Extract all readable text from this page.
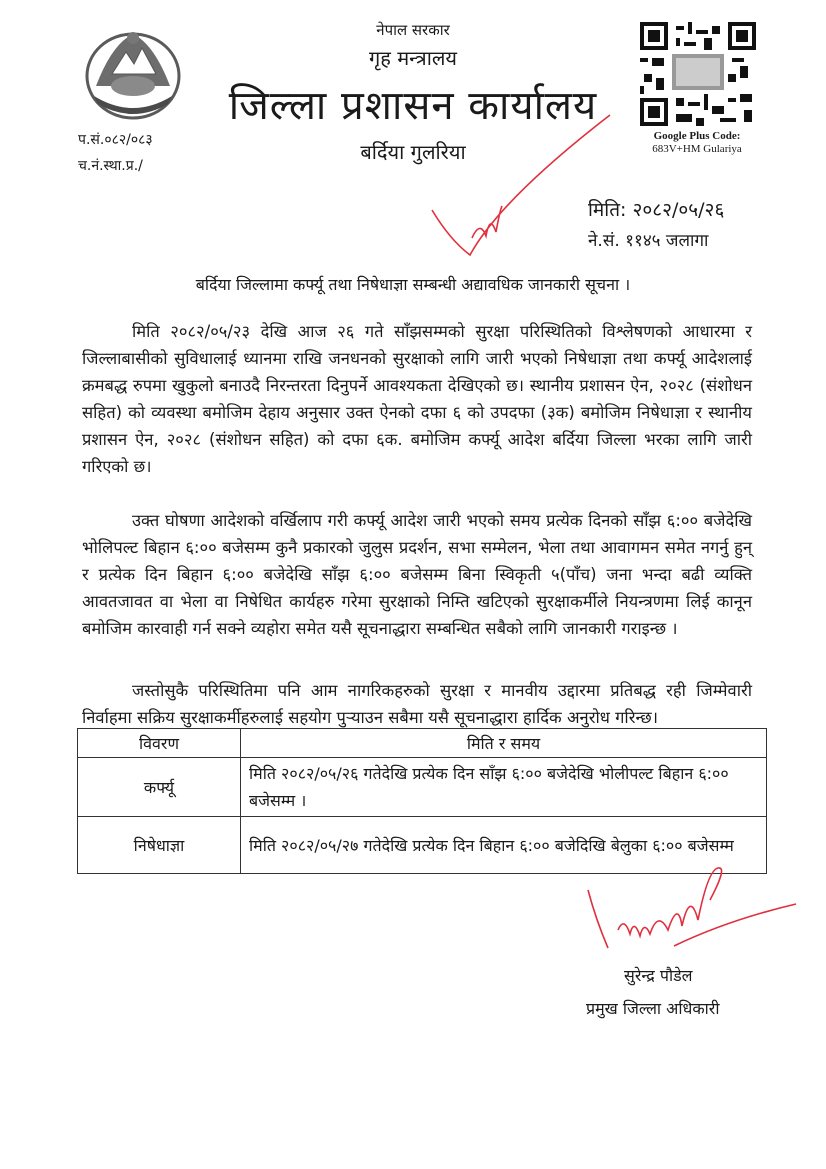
नेपाल सरकार
गृह मन्त्रालय
जिल्ला प्रशासन कार्यालय
बर्दिया गुलरिया
प.सं.०८२/०८३
च.नं.स्था.प्र./
Google Plus Code:
683V+HM Gulariya
मिति: २०८२/०५/२६
ने.सं. ११४५ जलागा
बर्दिया जिल्लामा कर्फ्यू तथा निषेधाज्ञा सम्बन्धी अद्यावधिक जानकारी सूचना ।

मिति २०८२/०५/२३ देखि आज २६ गते साँझसम्मको सुरक्षा परिस्थितिको विश्लेषणको आधारमा र जिल्लाबासीको सुविधालाई ध्यानमा राखि जनधनको सुरक्षाको लागि जारी भएको निषेधाज्ञा तथा कर्फ्यू आदेशलाई क्रमबद्ध रुपमा खुकुलो बनाउदै निरन्तरता दिनुपर्ने आवश्यकता देखिएको छ। स्थानीय प्रशासन ऐन, २०२८ (संशोधन सहित) को व्यवस्था बमोजिम देहाय अनुसार उक्त ऐनको दफा ६ को उपदफा (३क) बमोजिम निषेधाज्ञा र स्थानीय प्रशासन ऐन, २०२८ (संशोधन सहित) को दफा ६क. बमोजिम कर्फ्यू आदेश बर्दिया जिल्ला भरका लागि जारी गरिएको छ।

उक्त घोषणा आदेशको वर्खिलाप गरी कर्फ्यू आदेश जारी भएको समय प्रत्येक दिनको साँझ ६:०० बजेदेखि भोलिपल्ट बिहान ६:०० बजेसम्म कुनै प्रकारको जुलुस प्रदर्शन, सभा सम्मेलन, भेला तथा आवागमन समेत नगर्नु हुन् र प्रत्येक दिन बिहान ६:०० बजेदेखि साँझ ६:०० बजेसम्म बिना स्विकृती ५(पाँच) जना भन्दा बढी व्यक्ति आवतजावत वा भेला वा निषेधित कार्यहरु गरेमा सुरक्षाको निम्ति खटिएको सुरक्षाकर्मीले नियन्त्रणमा लिई कानून बमोजिम कारवाही गर्न सक्ने व्यहोरा समेत यसै सूचनाद्धारा सम्बन्धित सबैको लागि जानकारी गराइन्छ ।

जस्तोसुकै परिस्थितिमा पनि आम नागरिकहरुको सुरक्षा र मानवीय उद्दारमा प्रतिबद्ध रही जिम्मेवारी निर्वाहमा सक्रिय सुरक्षाकर्मीहरुलाई सहयोग पुऱ्याउन सबैमा यसै सूचनाद्धारा हार्दिक अनुरोध गरिन्छ।

विवरण	मिति र समय
कर्फ्यू	मिति २०८२/०५/२६ गतेदेखि प्रत्येक दिन साँझ ६:०० बजेदेखि भोलीपल्ट बिहान ६:०० बजेसम्म ।
निषेधाज्ञा	मिति २०८२/०५/२७ गतेदेखि प्रत्येक दिन बिहान ६:०० बजेदिखि बेलुका ६:०० बजेसम्म
सुरेन्द्र पौडेल
प्रमुख जिल्ला अधिकारी
